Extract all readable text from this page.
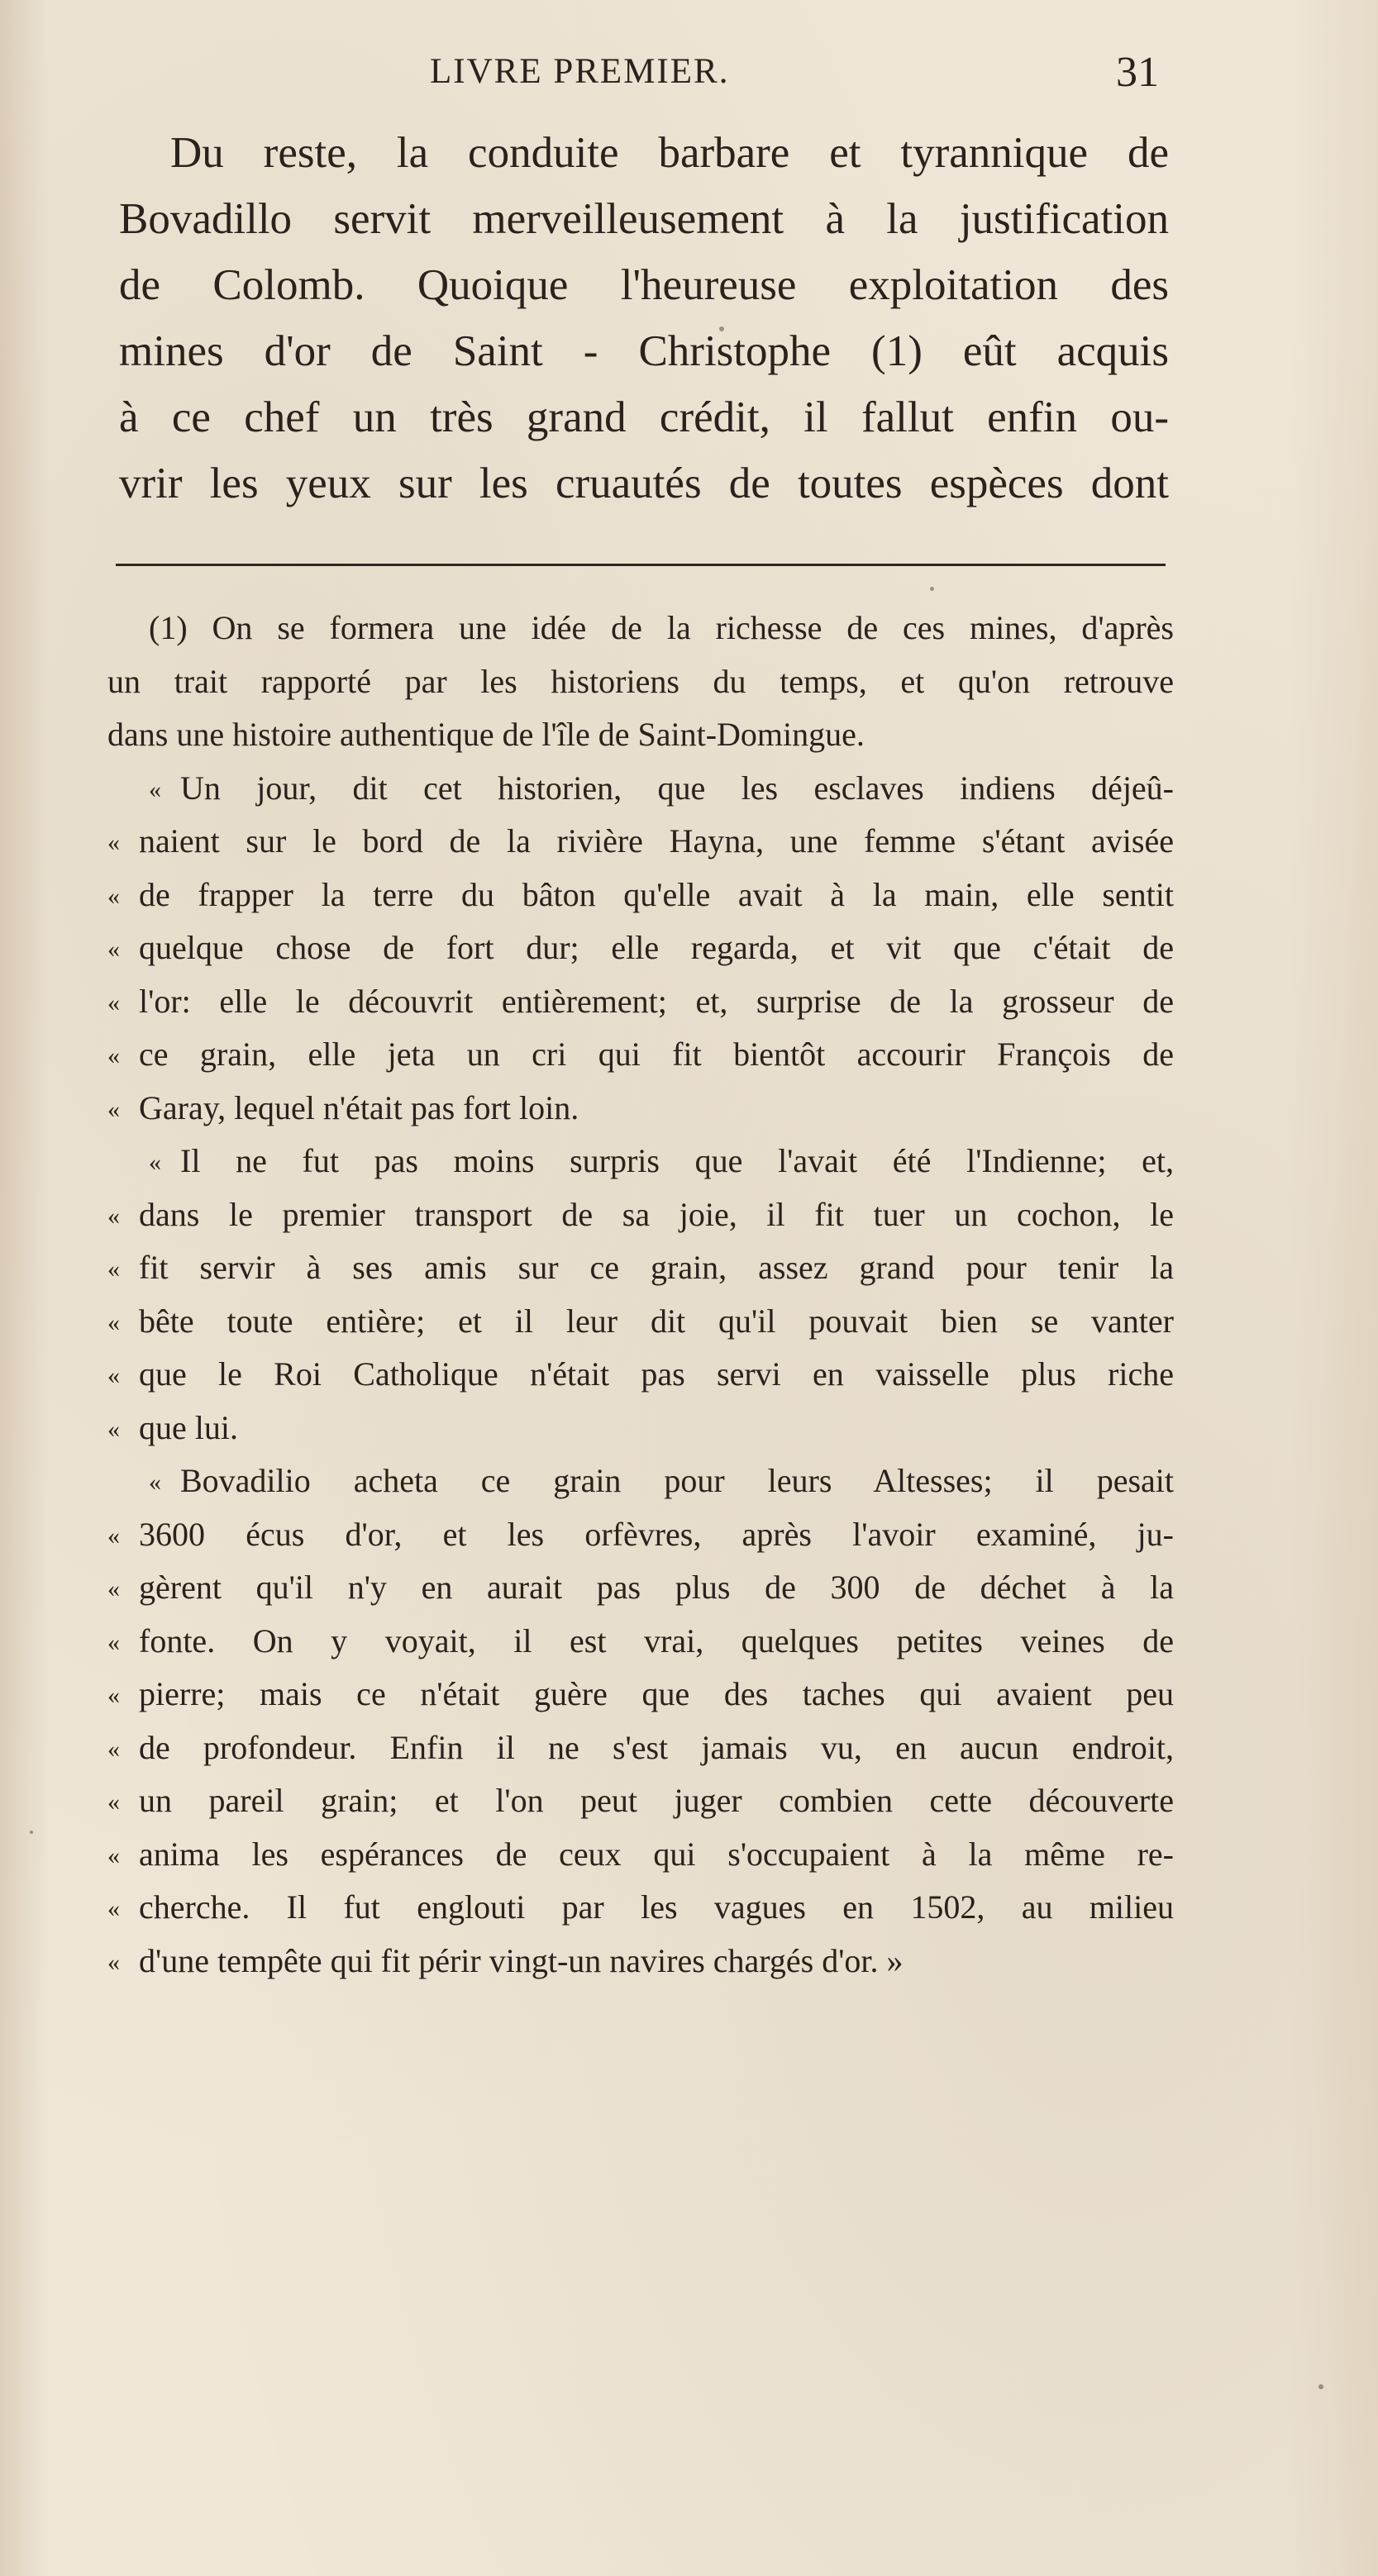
LIVRE PREMIER.	31
Du reste, la conduite barbare et tyrannique de
Bovadillo servit merveilleusement à la justification
de Colomb. Quoique l'heureuse exploitation des
mines d'or de Saint - Christophe (1) eût acquis
à ce chef un très grand crédit, il fallut enfin ou-
vrir les yeux sur les cruautés de toutes espèces dont
(1) On se formera une idée de la richesse de ces mines, d'après
un trait rapporté par les historiens du temps, et qu'on retrouve
dans une histoire authentique de l'île de Saint-Domingue.
« Un jour, dit cet historien, que les esclaves indiens déjeû-
« naient sur le bord de la rivière Hayna, une femme s'étant avisée
« de frapper la terre du bâton qu'elle avait à la main, elle sentit
« quelque chose de fort dur; elle regarda, et vit que c'était de
« l'or: elle le découvrit entièrement; et, surprise de la grosseur de
« ce grain, elle jeta un cri qui fit bientôt accourir François de
« Garay, lequel n'était pas fort loin.
« Il ne fut pas moins surpris que l'avait été l'Indienne; et,
« dans le premier transport de sa joie, il fit tuer un cochon, le
« fit servir à ses amis sur ce grain, assez grand pour tenir la
« bête toute entière; et il leur dit qu'il pouvait bien se vanter
« que le Roi Catholique n'était pas servi en vaisselle plus riche
« que lui.
« Bovadilio acheta ce grain pour leurs Altesses; il pesait
« 3600 écus d'or, et les orfèvres, après l'avoir examiné, ju-
« gèrent qu'il n'y en aurait pas plus de 300 de déchet à la
« fonte. On y voyait, il est vrai, quelques petites veines de
« pierre; mais ce n'était guère que des taches qui avaient peu
« de profondeur. Enfin il ne s'est jamais vu, en aucun endroit,
« un pareil grain; et l'on peut juger combien cette découverte
« anima les espérances de ceux qui s'occupaient à la même re-
« cherche. Il fut englouti par les vagues en 1502, au milieu
« d'une tempête qui fit périr vingt-un navires chargés d'or. »
